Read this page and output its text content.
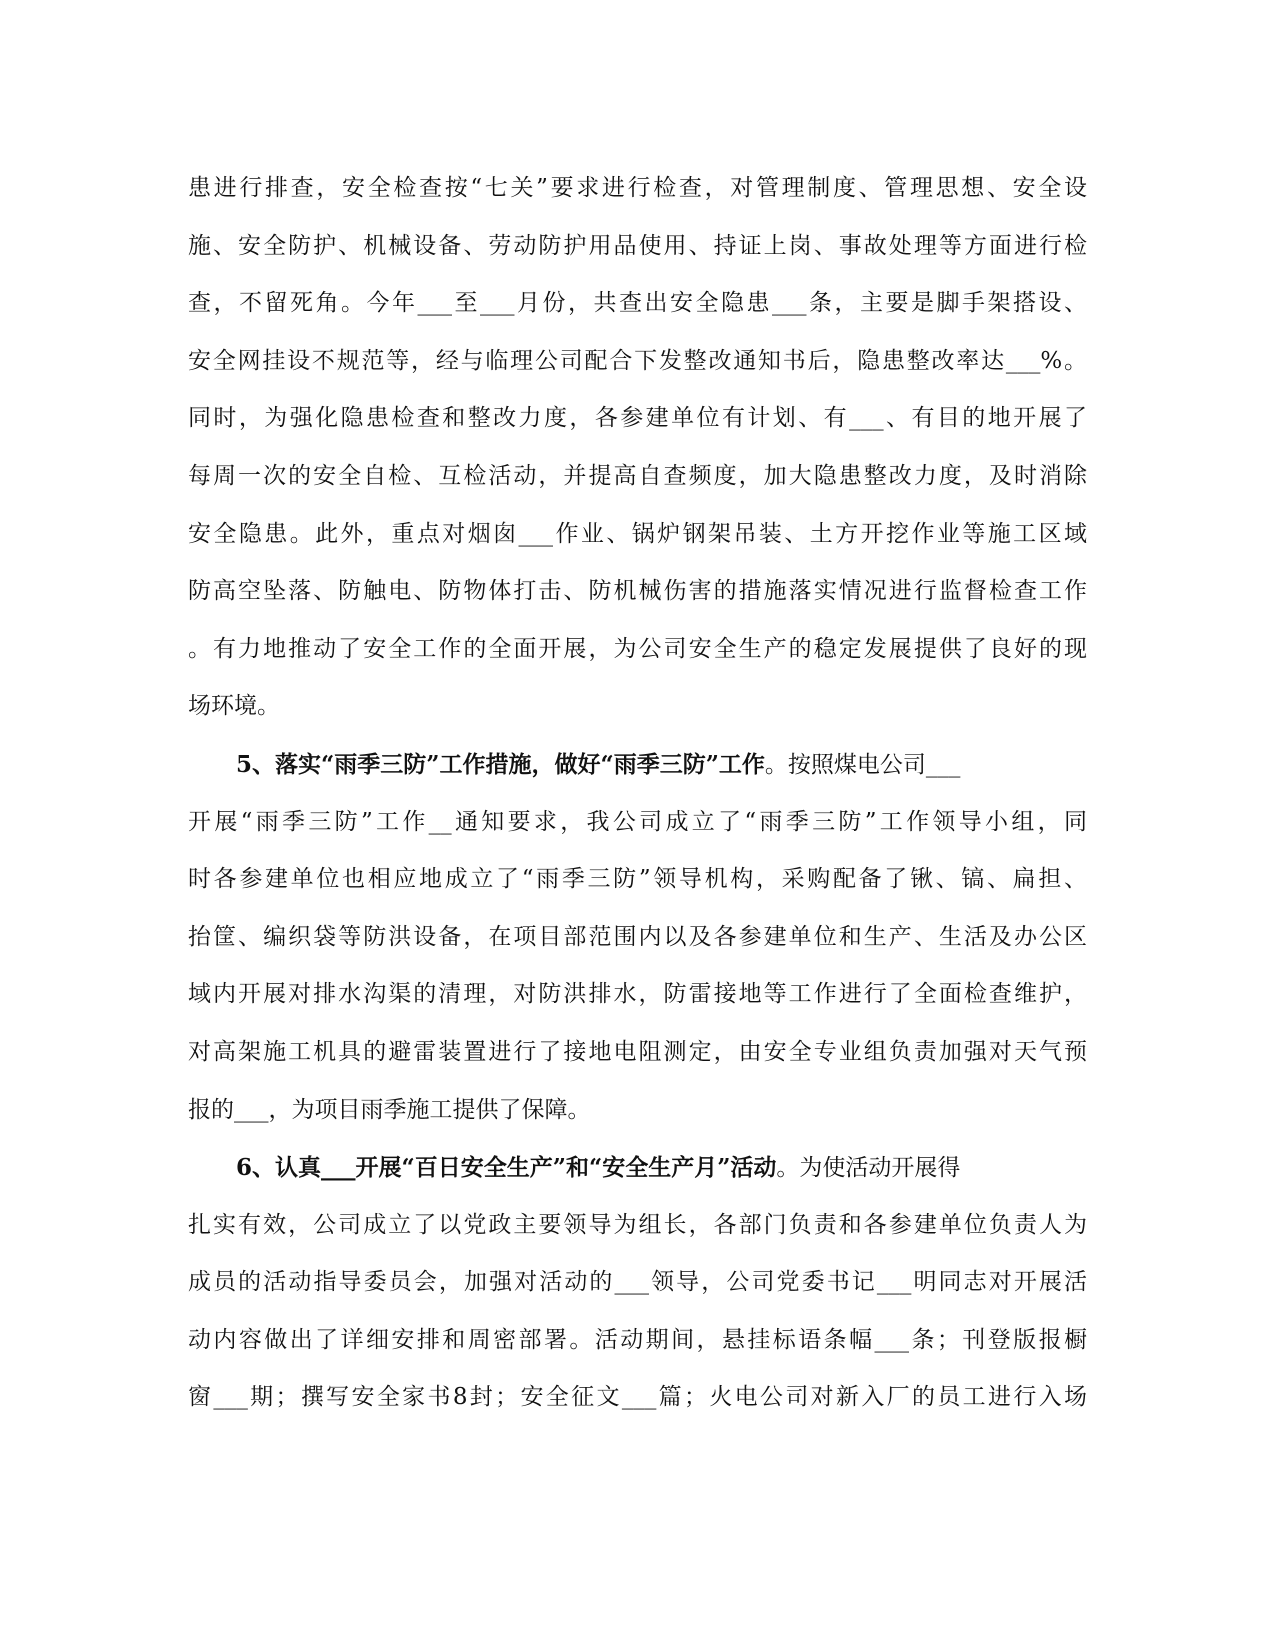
患进行排查，安全检查按“七关”要求进行检查，对管理制度、管理思想、安全设
施、安全防护、机械设备、劳动防护用品使用、持证上岗、事故处理等方面进行检
查，不留死角。今年___至___月份，共查出安全隐患___条，主要是脚手架搭设、
安全网挂设不规范等，经与临理公司配合下发整改通知书后，隐患整改率达___%。
同时，为强化隐患检查和整改力度，各参建单位有计划、有___、有目的地开展了
每周一次的安全自检、互检活动，并提高自查频度，加大隐患整改力度，及时消除
安全隐患。此外，重点对烟囱___作业、锅炉钢架吊装、土方开挖作业等施工区域
防高空坠落、防触电、防物体打击、防机械伤害的措施落实情况进行监督检查工作
。有力地推动了安全工作的全面开展，为公司安全生产的稳定发展提供了良好的现
场环境。
5、落实“雨季三防”工作措施，做好“雨季三防”工作。按照煤电公司___
开展“雨季三防”工作__通知要求，我公司成立了“雨季三防”工作领导小组，同
时各参建单位也相应地成立了“雨季三防”领导机构，采购配备了锹、镐、扁担、
抬筐、编织袋等防洪设备，在项目部范围内以及各参建单位和生产、生活及办公区
域内开展对排水沟渠的清理，对防洪排水，防雷接地等工作进行了全面检查维护，
对高架施工机具的避雷装置进行了接地电阻测定，由安全专业组负责加强对天气预
报的___，为项目雨季施工提供了保障。
6、认真___开展“百日安全生产”和“安全生产月”活动。为使活动开展得
扎实有效，公司成立了以党政主要领导为组长，各部门负责和各参建单位负责人为
成员的活动指导委员会，加强对活动的___领导，公司党委书记___明同志对开展活
动内容做出了详细安排和周密部署。活动期间，悬挂标语条幅___条；刊登版报橱
窗___期；撰写安全家书8封；安全征文___篇；火电公司对新入厂的员工进行入场
